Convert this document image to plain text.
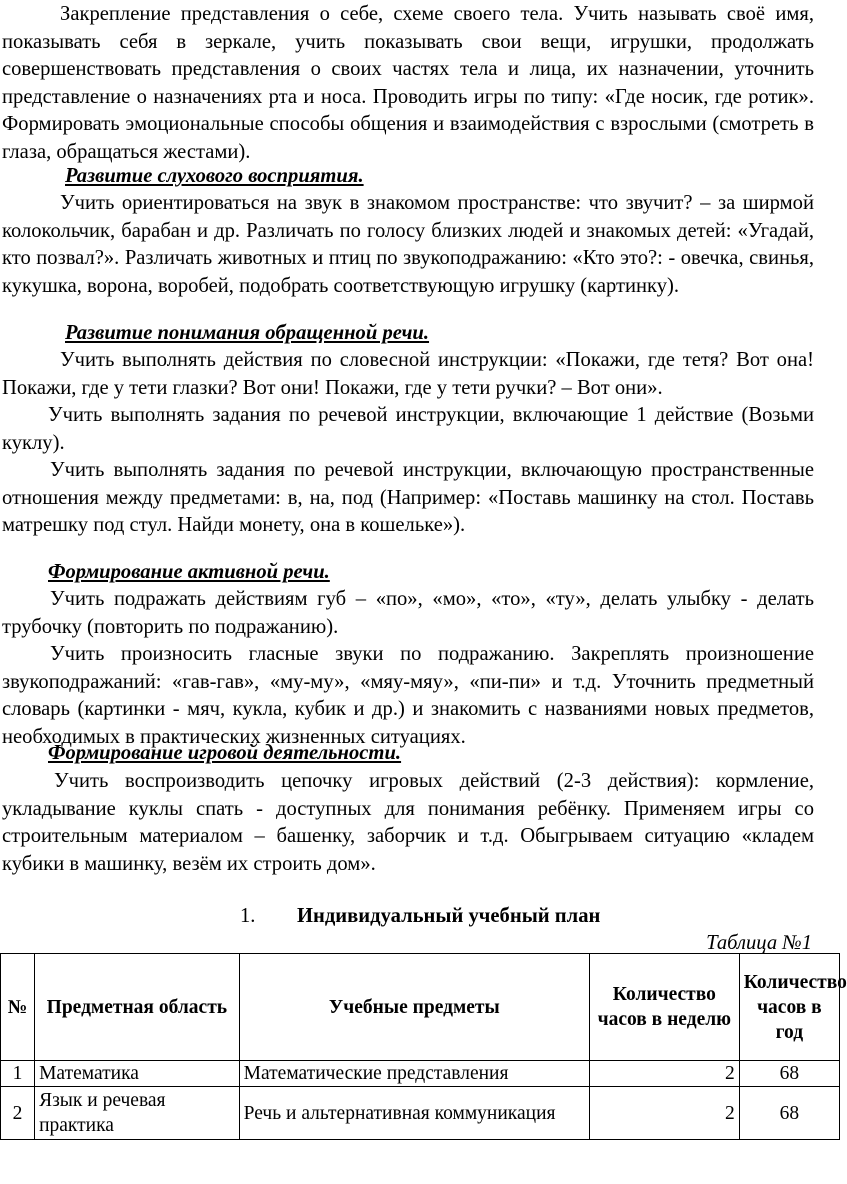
Закрепление представления о себе, схеме своего тела. Учить называть своё имя, показывать себя в зеркале, учить показывать свои вещи, игрушки, продолжать совершенствовать представления о своих частях тела и лица, их назначении, уточнить представление о назначениях рта и носа. Проводить игры по типу: «Где носик, где ротик». Формировать эмоциональные способы общения и взаимодействия с взрослыми (смотреть в глаза, обращаться жестами).

Развитие слухового восприятия.

Учить ориентироваться на звук в знакомом пространстве: что звучит? – за ширмой колокольчик, барабан и др. Различать по голосу близких людей и знакомых детей: «Угадай, кто позвал?». Различать животных и птиц по звукоподражанию: «Кто это?: - овечка, свинья, кукушка, ворона, воробей, подобрать соответствующую игрушку (картинку).

Развитие понимания обращенной речи.

Учить выполнять действия по словесной инструкции: «Покажи, где тетя? Вот она! Покажи, где у тети глазки? Вот они! Покажи, где у тети ручки? – Вот они».

Учить выполнять задания по речевой инструкции, включающие 1 действие (Возьми куклу).

Учить выполнять задания по речевой инструкции, включающую пространственные отношения между предметами: в, на, под (Например: «Поставь машинку на стол. Поставь матрешку под стул. Найди монету, она в кошельке»).

Формирование активной речи.

Учить подражать действиям губ – «по», «мо», «то», «ту», делать улыбку - делать трубочку (повторить по подражанию).

Учить произносить гласные звуки по подражанию. Закреплять произношение звукоподражаний: «гав-гав», «му-му», «мяу-мяу», «пи-пи» и т.д. Уточнить предметный словарь (картинки - мяч, кукла, кубик и др.) и знакомить с названиями новых предметов, необходимых в практических жизненных ситуациях.

Формирование игровой деятельности.

Учить воспроизводить цепочку игровых действий (2-3 действия): кормление, укладывание куклы спать - доступных для понимания ребёнку. Применяем игры со строительным материалом – башенку, заборчик и т.д. Обыгрываем ситуацию «кладем кубики в машинку, везём их строить дом».

1. Индивидуальный учебный план
Таблица №1
№	Предметная область	Учебные предметы	Количество часов в неделю	Количество часов в год
1	Математика	Математические представления	2	68
2	Язык и речевая практика	Речь и альтернативная коммуникация	2	68
